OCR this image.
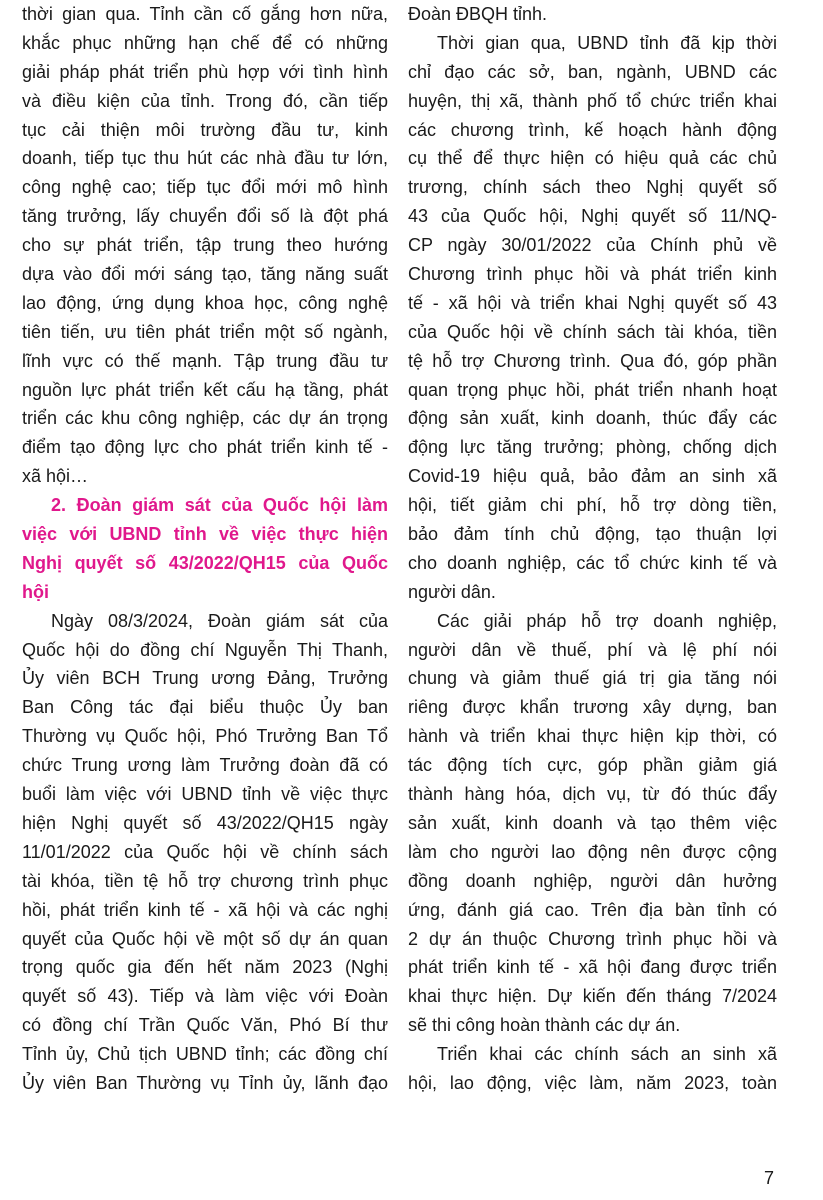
thời gian qua. Tỉnh cần cố gắng hơn nữa,
khắc phục những hạn chế để có những
giải pháp phát triển phù hợp với tình hình
và điều kiện của tỉnh. Trong đó, cần tiếp
tục cải thiện môi trường đầu tư, kinh
doanh, tiếp tục thu hút các nhà đầu tư lớn,
công nghệ cao; tiếp tục đổi mới mô hình
tăng trưởng, lấy chuyển đổi số là đột phá
cho sự phát triển, tập trung theo hướng
dựa vào đổi mới sáng tạo, tăng năng suất
lao động, ứng dụng khoa học, công nghệ
tiên tiến, ưu tiên phát triển một số ngành,
lĩnh vực có thế mạnh. Tập trung đầu tư
nguồn lực phát triển kết cấu hạ tầng, phát
triển các khu công nghiệp, các dự án trọng
điểm tạo động lực cho phát triển kinh tế -
xã hội…
2. Đoàn giám sát của Quốc hội làm
việc với UBND tỉnh về việc thực hiện
Nghị quyết số 43/2022/QH15 của Quốc
hội
Ngày 08/3/2024, Đoàn giám sát của
Quốc hội do đồng chí Nguyễn Thị Thanh,
Ủy viên BCH Trung ương Đảng, Trưởng
Ban Công tác đại biểu thuộc Ủy ban
Thường vụ Quốc hội, Phó Trưởng Ban Tổ
chức Trung ương làm Trưởng đoàn đã có
buổi làm việc với UBND tỉnh về việc thực
hiện Nghị quyết số 43/2022/QH15 ngày
11/01/2022 của Quốc hội về chính sách
tài khóa, tiền tệ hỗ trợ chương trình phục
hồi, phát triển kinh tế - xã hội và các nghị
quyết của Quốc hội về một số dự án quan
trọng quốc gia đến hết năm 2023 (Nghị
quyết số 43). Tiếp và làm việc với Đoàn
có đồng chí Trần Quốc Văn, Phó Bí thư
Tỉnh ủy, Chủ tịch UBND tỉnh; các đồng chí
Ủy viên Ban Thường vụ Tỉnh ủy, lãnh đạo
Đoàn ĐBQH tỉnh.
Thời gian qua, UBND tỉnh đã kịp thời
chỉ đạo các sở, ban, ngành, UBND các
huyện, thị xã, thành phố tổ chức triển khai
các chương trình, kế hoạch hành động
cụ thể để thực hiện có hiệu quả các chủ
trương, chính sách theo Nghị quyết số
43 của Quốc hội, Nghị quyết số 11/NQ-
CP ngày 30/01/2022 của Chính phủ về
Chương trình phục hồi và phát triển kinh
tế - xã hội và triển khai Nghị quyết số 43
của Quốc hội về chính sách tài khóa, tiền
tệ hỗ trợ Chương trình. Qua đó, góp phần
quan trọng phục hồi, phát triển nhanh hoạt
động sản xuất, kinh doanh, thúc đẩy các
động lực tăng trưởng; phòng, chống dịch
Covid-19 hiệu quả, bảo đảm an sinh xã
hội, tiết giảm chi phí, hỗ trợ dòng tiền,
bảo đảm tính chủ động, tạo thuận lợi
cho doanh nghiệp, các tổ chức kinh tế và
người dân.
Các giải pháp hỗ trợ doanh nghiệp,
người dân về thuế, phí và lệ phí nói
chung và giảm thuế giá trị gia tăng nói
riêng được khẩn trương xây dựng, ban
hành và triển khai thực hiện kịp thời, có
tác động tích cực, góp phần giảm giá
thành hàng hóa, dịch vụ, từ đó thúc đẩy
sản xuất, kinh doanh và tạo thêm việc
làm cho người lao động nên được cộng
đồng doanh nghiệp, người dân hưởng
ứng, đánh giá cao. Trên địa bàn tỉnh có
2 dự án thuộc Chương trình phục hồi và
phát triển kinh tế - xã hội đang được triển
khai thực hiện. Dự kiến đến tháng 7/2024
sẽ thi công hoàn thành các dự án.
Triển khai các chính sách an sinh xã
hội, lao động, việc làm, năm 2023, toàn
7
